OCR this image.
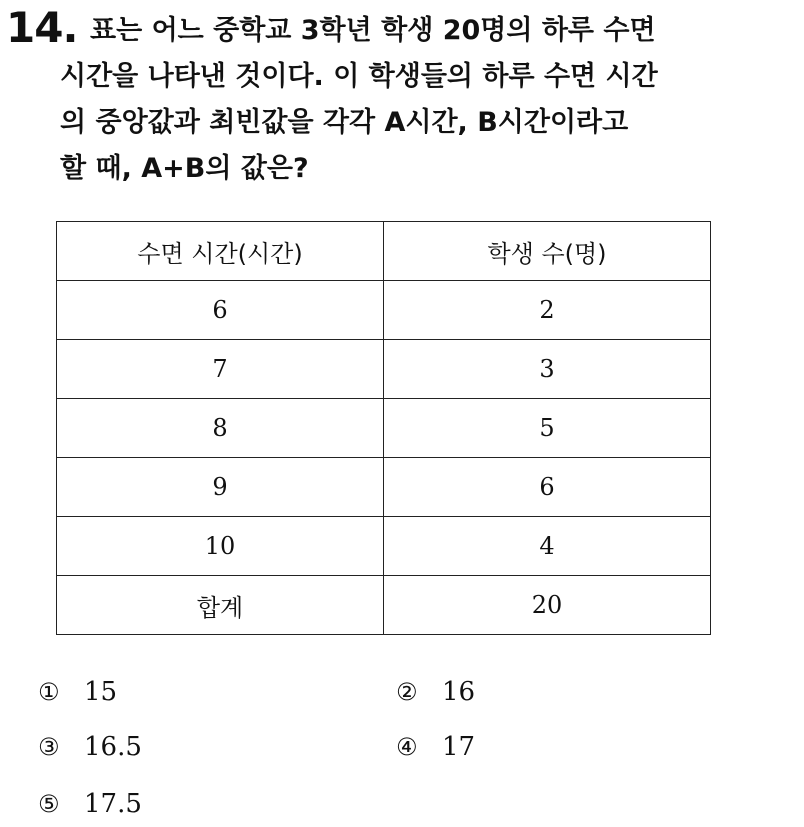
14. 표는 어느 중학교 3학년 학생 20명의 하루 수면
시간을 나타낸 것이다. 이 학생들의 하루 수면 시간
의 중앙값과 최빈값을 각각 A시간, B시간이라고
할 때, A+B의 값은?
수면 시간(시간)	학생 수(명)
6	2
7	3
8	5
9	6
10	4
합계	20
① 15	② 16
③ 16.5	④ 17
⑤ 17.5
